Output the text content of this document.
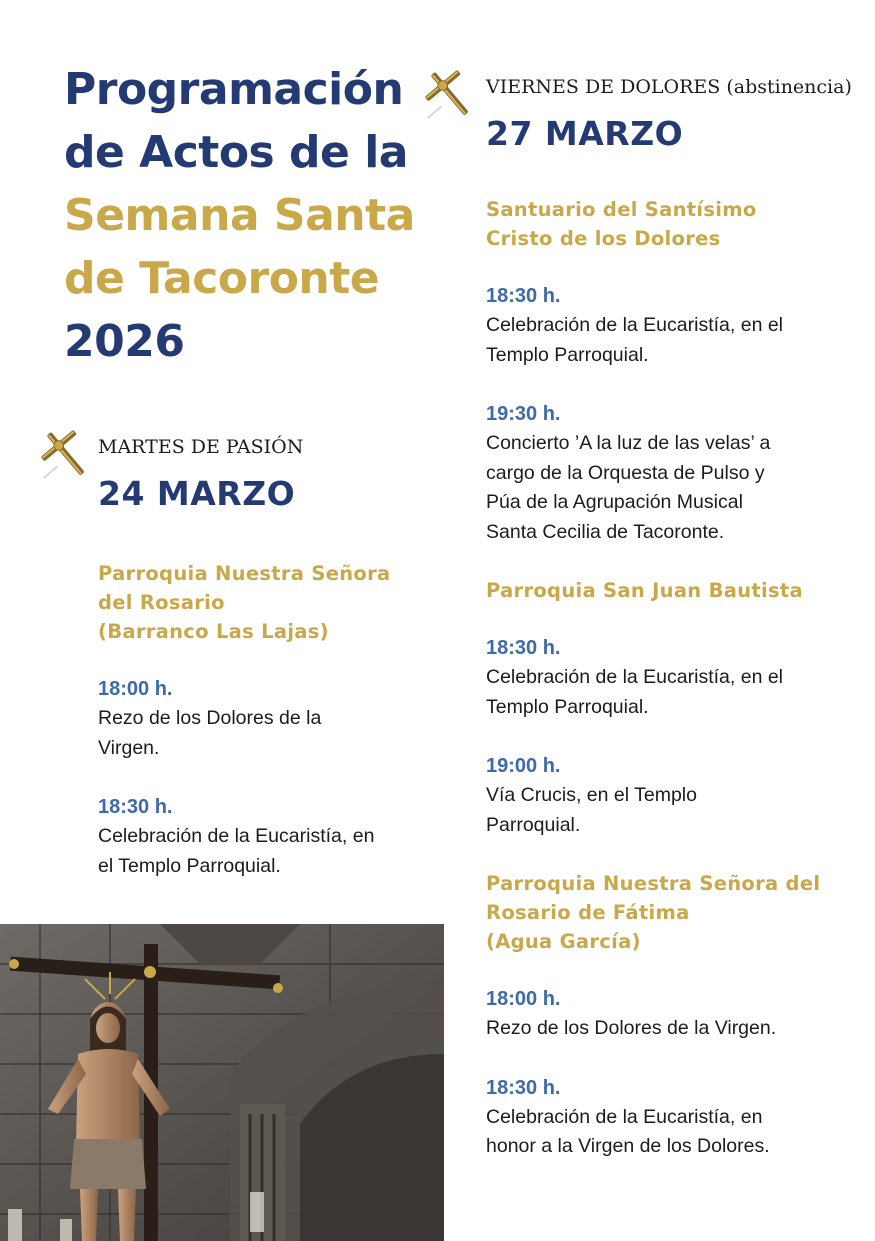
Programación
de Actos de la
Semana Santa
de Tacoronte
2026
MARTES DE PASIÓN
24 MARZO
Parroquia Nuestra Señora
del Rosario
(Barranco Las Lajas)
18:00 h.
Rezo de los Dolores de la
Virgen.
18:30 h.
Celebración de la Eucaristía, en
el Templo Parroquial.
VIERNES DE DOLORES (abstinencia)
27 MARZO
Santuario del Santísimo
Cristo de los Dolores
18:30 h.
Celebración de la Eucaristía, en el
Templo Parroquial.
19:30 h.
Concierto ’A la luz de las velas’ a
cargo de la Orquesta de Pulso y
Púa de la Agrupación Musical
Santa Cecilia de Tacoronte.
Parroquia San Juan Bautista
18:30 h.
Celebración de la Eucaristía, en el
Templo Parroquial.
19:00 h.
Vía Crucis, en el Templo
Parroquial.
Parroquia Nuestra Señora del
Rosario de Fátima
(Agua García)
18:00 h.
Rezo de los Dolores de la Virgen.
18:30 h.
Celebración de la Eucaristía, en
honor a la Virgen de los Dolores.
